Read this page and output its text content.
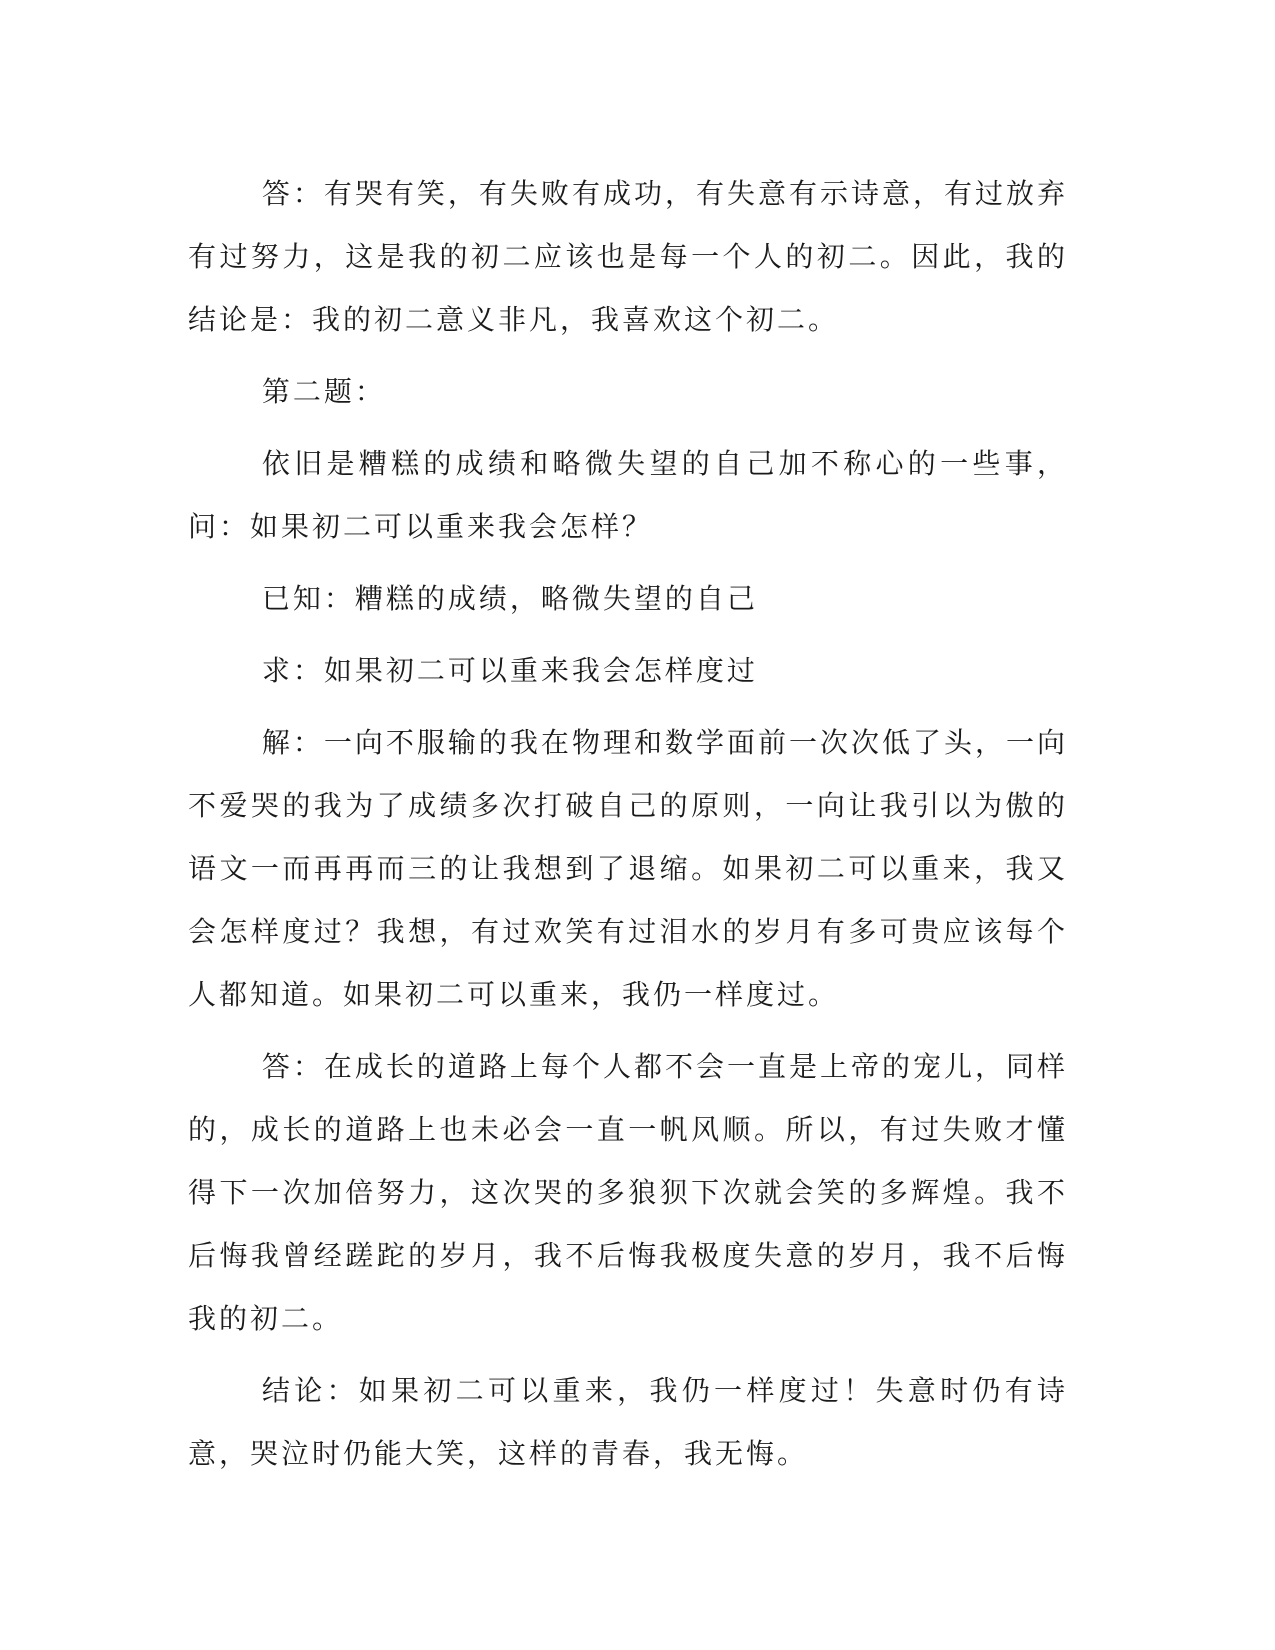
答：有哭有笑，有失败有成功，有失意有示诗意，有过放弃有过努力，这是我的初二应该也是每一个人的初二。因此，我的结论是：我的初二意义非凡，我喜欢这个初二。

第二题：

依旧是糟糕的成绩和略微失望的自己加不称心的一些事，问：如果初二可以重来我会怎样？

已知：糟糕的成绩，略微失望的自己

求：如果初二可以重来我会怎样度过

解：一向不服输的我在物理和数学面前一次次低了头，一向不爱哭的我为了成绩多次打破自己的原则，一向让我引以为傲的语文一而再再而三的让我想到了退缩。如果初二可以重来，我又会怎样度过？我想，有过欢笑有过泪水的岁月有多可贵应该每个人都知道。如果初二可以重来，我仍一样度过。

答：在成长的道路上每个人都不会一直是上帝的宠儿，同样的，成长的道路上也未必会一直一帆风顺。所以，有过失败才懂得下一次加倍努力，这次哭的多狼狈下次就会笑的多辉煌。我不后悔我曾经蹉跎的岁月，我不后悔我极度失意的岁月，我不后悔我的初二。

结论：如果初二可以重来，我仍一样度过！失意时仍有诗意，哭泣时仍能大笑，这样的青春，我无悔。
